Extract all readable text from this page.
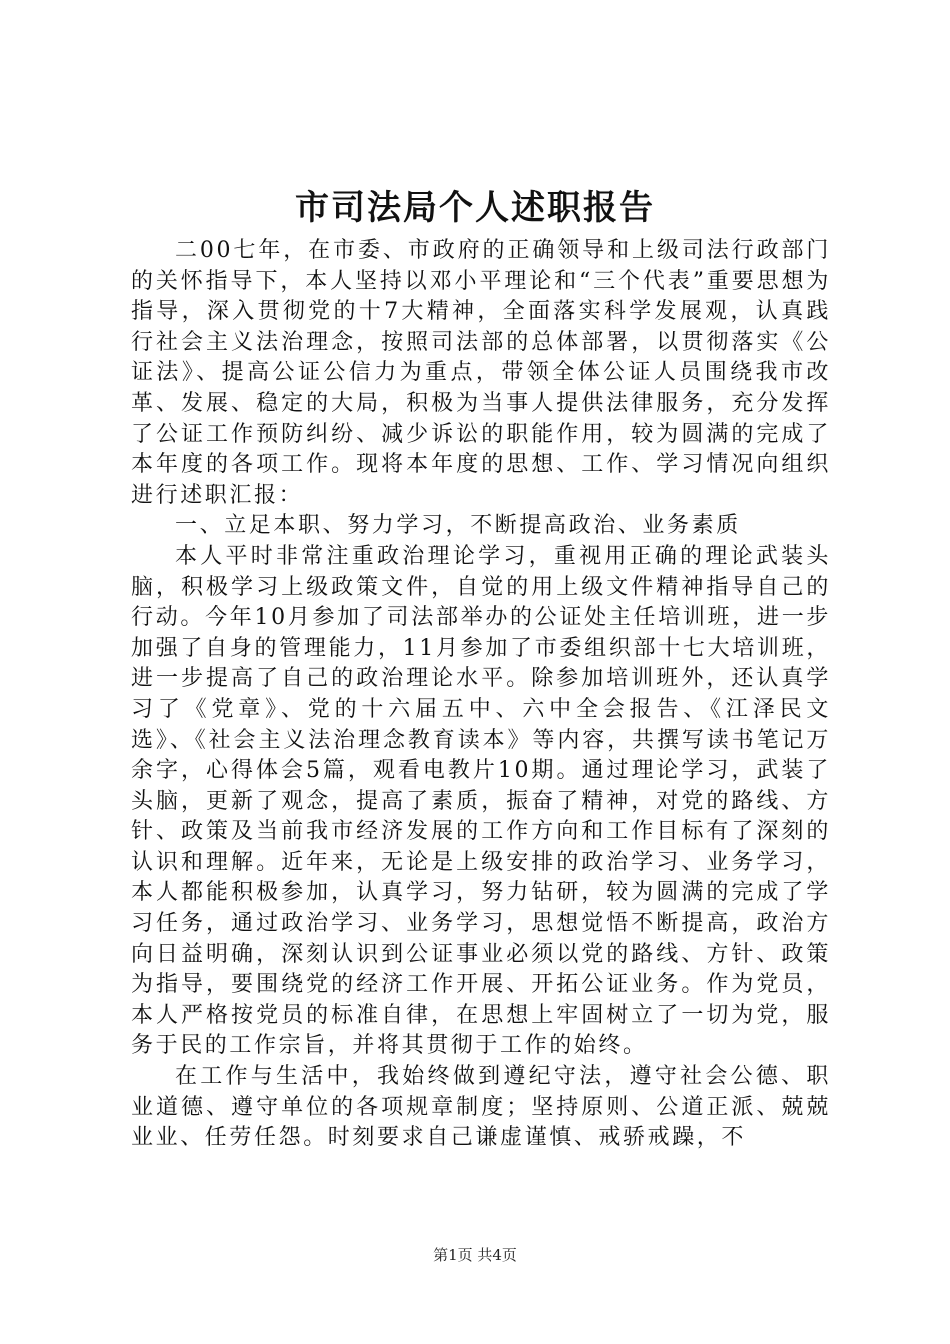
市司法局个人述职报告

二00七年，在市委、市政府的正确领导和上级司法行政部门的关怀指导下，本人坚持以邓小平理论和“三个代表”重要思想为指导，深入贯彻党的十7大精神，全面落实科学发展观，认真践行社会主义法治理念，按照司法部的总体部署，以贯彻落实《公证法》、提高公证公信力为重点，带领全体公证人员围绕我市改革、发展、稳定的大局，积极为当事人提供法律服务，充分发挥了公证工作预防纠纷、减少诉讼的职能作用，较为圆满的完成了本年度的各项工作。现将本年度的思想、工作、学习情况向组织进行述职汇报：

一、立足本职、努力学习，不断提高政治、业务素质

本人平时非常注重政治理论学习，重视用正确的理论武装头脑，积极学习上级政策文件，自觉的用上级文件精神指导自己的行动。今年10月参加了司法部举办的公证处主任培训班，进一步加强了自身的管理能力，11月参加了市委组织部十七大培训班，进一步提高了自己的政治理论水平。除参加培训班外，还认真学习了《党章》、党的十六届五中、六中全会报告、《江泽民文选》、《社会主义法治理念教育读本》等内容，共撰写读书笔记万余字，心得体会5篇，观看电教片10期。通过理论学习，武装了头脑，更新了观念，提高了素质，振奋了精神，对党的路线、方针、政策及当前我市经济发展的工作方向和工作目标有了深刻的认识和理解。近年来，无论是上级安排的政治学习、业务学习，本人都能积极参加，认真学习，努力钻研，较为圆满的完成了学习任务，通过政治学习、业务学习，思想觉悟不断提高，政治方向日益明确，深刻认识到公证事业必须以党的路线、方针、政策为指导，要围绕党的经济工作开展、开拓公证业务。作为党员，本人严格按党员的标准自律，在思想上牢固树立了一切为党，服务于民的工作宗旨，并将其贯彻于工作的始终。

在工作与生活中，我始终做到遵纪守法，遵守社会公德、职业道德、遵守单位的各项规章制度；坚持原则、公道正派、兢兢业业、任劳任怨。时刻要求自己谦虚谨慎、戒骄戒躁，不

第1页 共4页
